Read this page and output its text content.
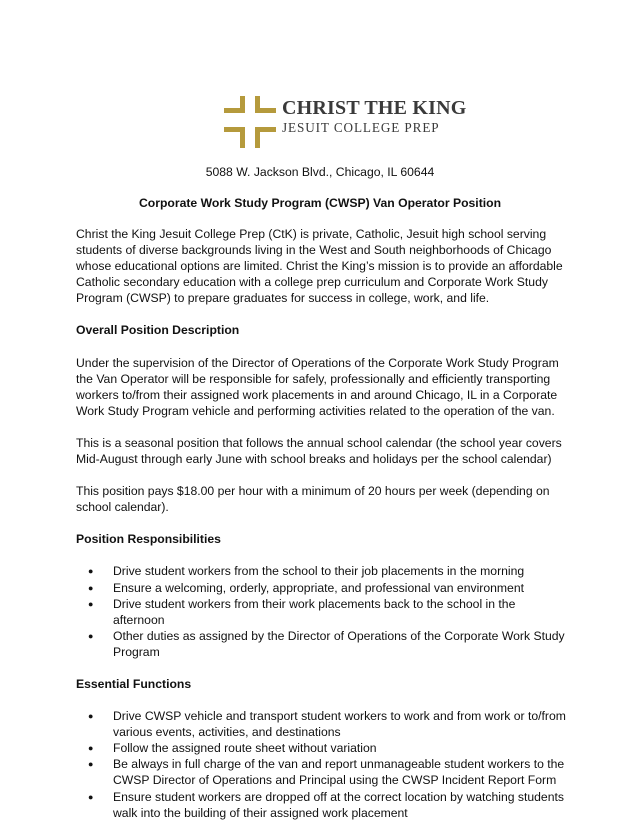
CHRIST THE KING
JESUIT COLLEGE PREP
5088 W. Jackson Blvd., Chicago, IL 60644
Corporate Work Study Program (CWSP) Van Operator Position

Christ the King Jesuit College Prep (CtK) is private, Catholic, Jesuit high school serving students of diverse backgrounds living in the West and South neighborhoods of Chicago whose educational options are limited. Christ the King’s mission is to provide an affordable Catholic secondary education with a college prep curriculum and Corporate Work Study Program (CWSP) to prepare graduates for success in college, work, and life.

Overall Position Description

Under the supervision of the Director of Operations of the Corporate Work Study Program the Van Operator will be responsible for safely, professionally and efficiently transporting workers to/from their assigned work placements in and around Chicago, IL in a Corporate Work Study Program vehicle and performing activities related to the operation of the van.

This is a seasonal position that follows the annual school calendar (the school year covers Mid-August through early June with school breaks and holidays per the school calendar)

This position pays $18.00 per hour with a minimum of 20 hours per week (depending on school calendar).

Position Responsibilities

● Drive student workers from the school to their job placements in the morning
● Ensure a welcoming, orderly, appropriate, and professional van environment
● Drive student workers from their work placements back to the school in the afternoon
● Other duties as assigned by the Director of Operations of the Corporate Work Study Program

Essential Functions

● Drive CWSP vehicle and transport student workers to work and from work or to/from various events, activities, and destinations
● Follow the assigned route sheet without variation
● Be always in full charge of the van and report unmanageable student workers to the CWSP Director of Operations and Principal using the CWSP Incident Report Form
● Ensure student workers are dropped off at the correct location by watching students walk into the building of their assigned work placement
